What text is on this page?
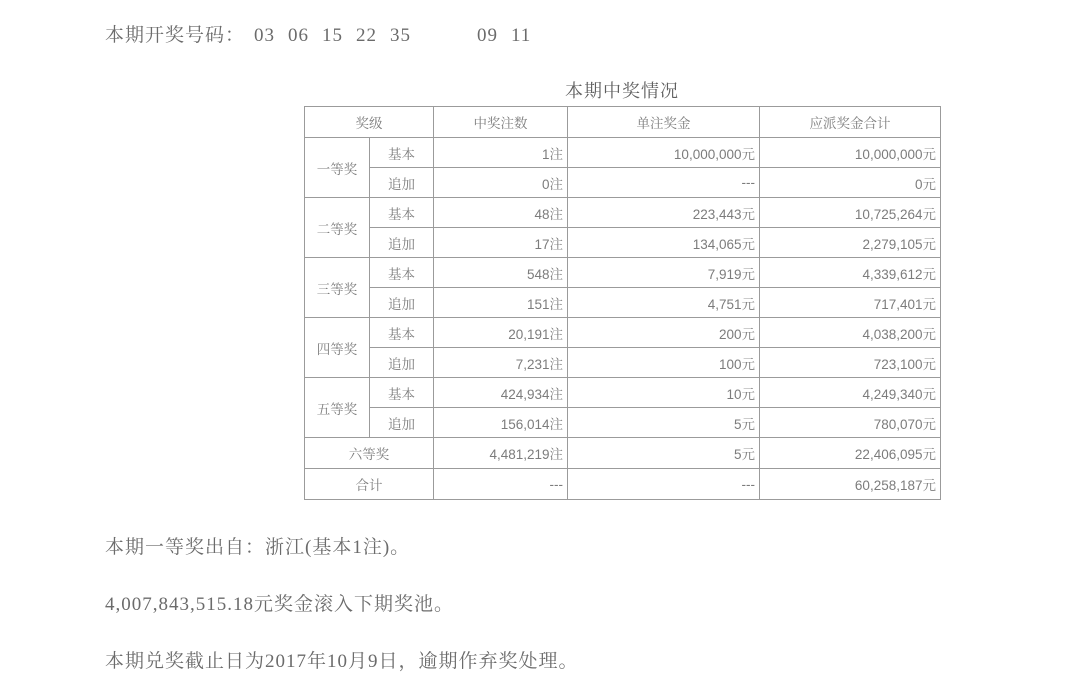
本期开奖号码： 03 06 15 22 35	09 11
本期中奖情况
奖级		中奖注数	单注奖金	应派奖金合计
一等奖	基本	1注	10,000,000元	10,000,000元
	追加	0注	---	0元
二等奖	基本	48注	223,443元	10,725,264元
	追加	17注	134,065元	2,279,105元
三等奖	基本	548注	7,919元	4,339,612元
	追加	151注	4,751元	717,401元
四等奖	基本	20,191注	200元	4,038,200元
	追加	7,231注	100元	723,100元
五等奖	基本	424,934注	10元	4,249,340元
	追加	156,014注	5元	780,070元
六等奖		4,481,219注	5元	22,406,095元
合计		---	---	60,258,187元
本期一等奖出自：浙江(基本1注)。
4,007,843,515.18元奖金滚入下期奖池。
本期兑奖截止日为2017年10月9日，逾期作弃奖处理。
